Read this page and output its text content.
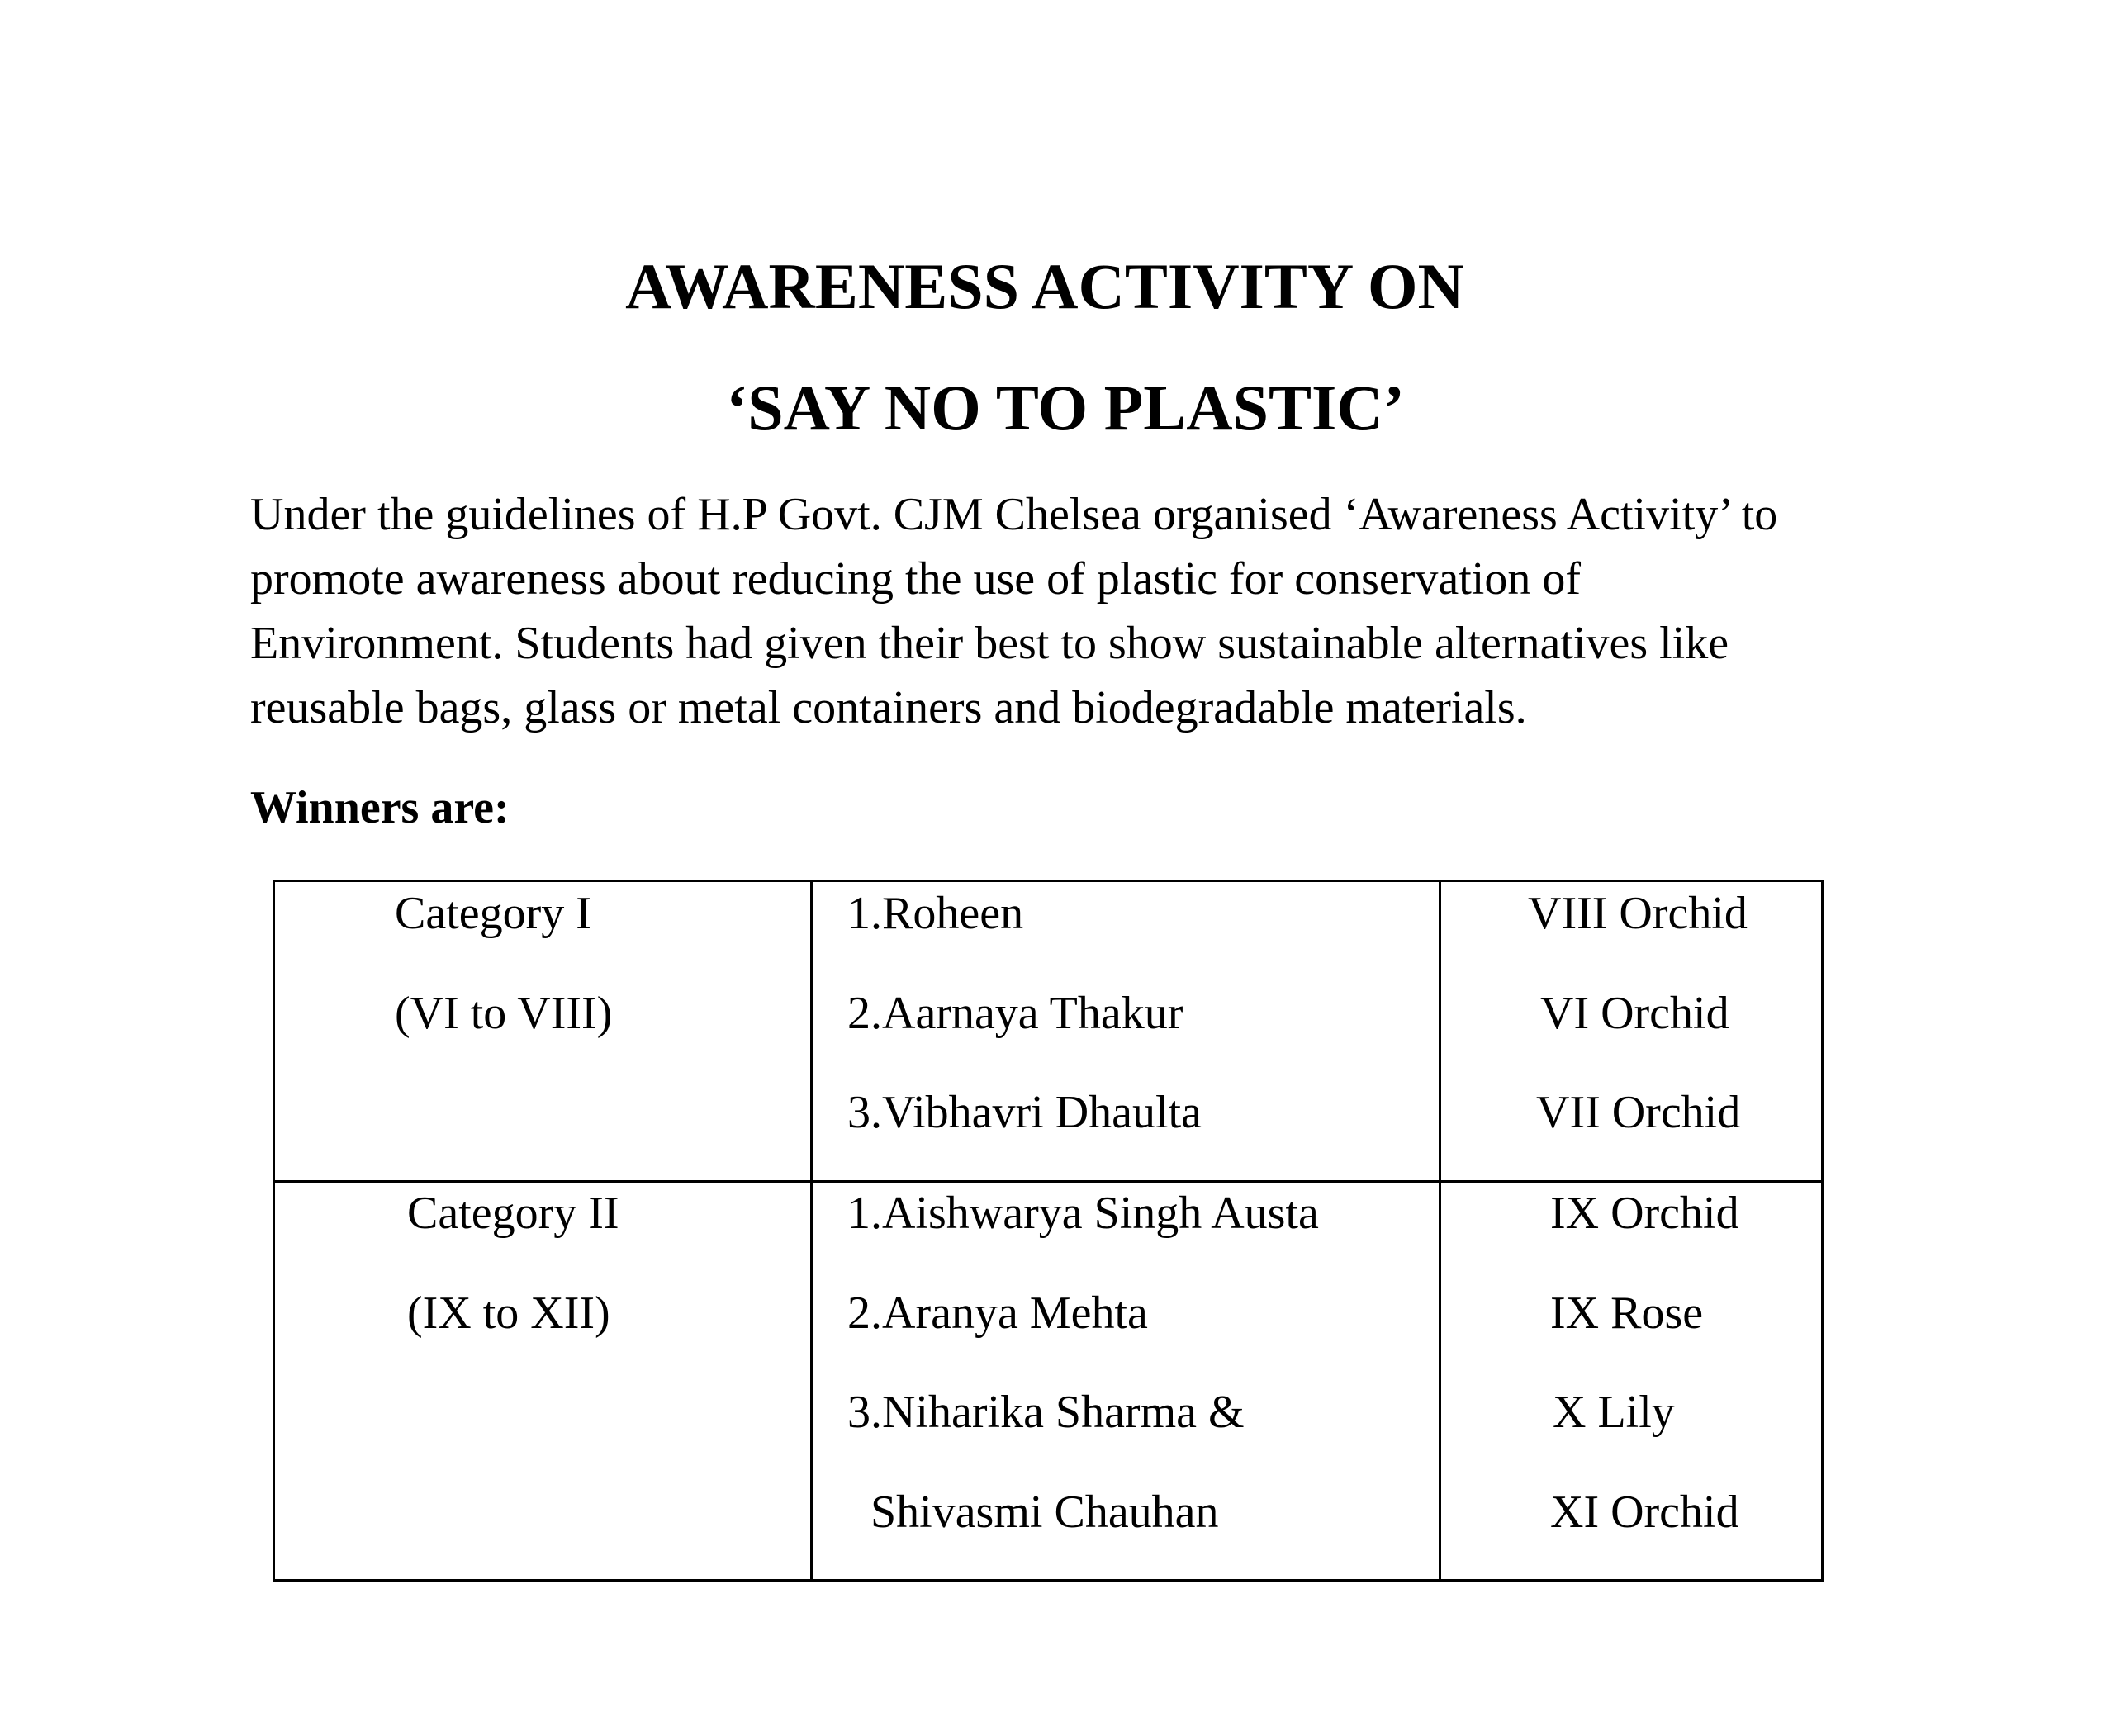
AWARENESS ACTIVITY ON
‘SAY NO TO PLASTIC’

Under the guidelines of H.P Govt. CJM Chelsea organised ‘Awareness Activity’ to
promote awareness about reducing the use of plastic for conservation of
Environment. Students had given their best to show sustainable alternatives like
reusable bags, glass or metal containers and biodegradable materials.

Winners are:

Category I
(VI to VIII)
1.Roheen
2.Aarnaya Thakur
3.Vibhavri Dhaulta
VIII Orchid
VI Orchid
VII Orchid
Category II
(IX to XII)
1.Aishwarya Singh Austa
2.Aranya Mehta
3.Niharika Sharma &
Shivasmi Chauhan
IX Orchid
IX Rose
X Lily
XI Orchid
